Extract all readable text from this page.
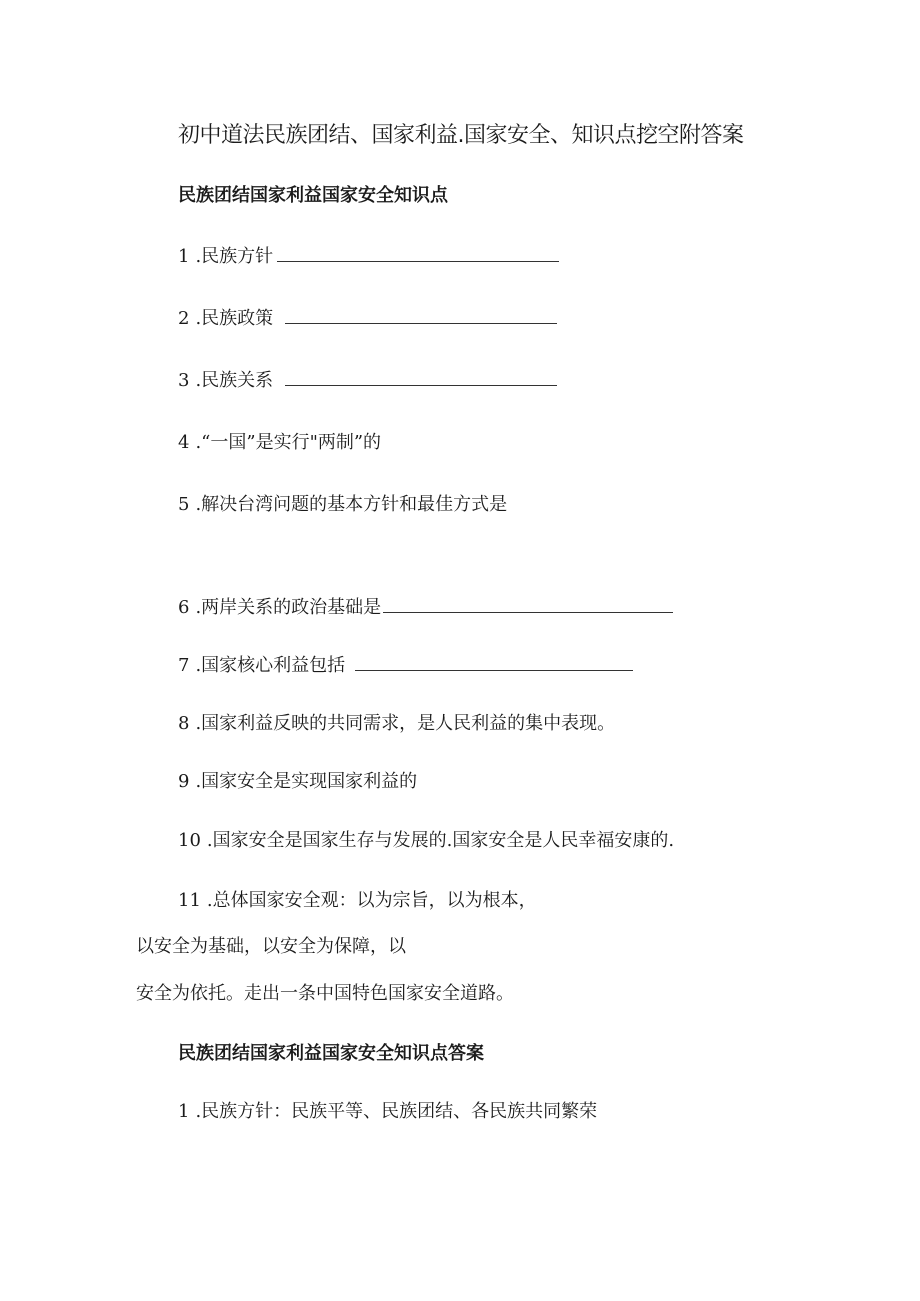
初中道法民族团结、国家利益.国家安全、知识点挖空附答案
民族团结国家利益国家安全知识点
1 .民族方针
2 .民族政策
3 .民族关系
4 .“一国”是实行"两制”的
5 .解决台湾问题的基本方针和最佳方式是
6 .两岸关系的政治基础是
7 .国家核心利益包括
8 .国家利益反映的共同需求，是人民利益的集中表现。
9 .国家安全是实现国家利益的
10 .国家安全是国家生存与发展的.国家安全是人民幸福安康的.
11 .总体国家安全观：以为宗旨，以为根本，
以安全为基础，以安全为保障，以
安全为依托。走出一条中国特色国家安全道路。
民族团结国家利益国家安全知识点答案
1 .民族方针：民族平等、民族团结、各民族共同繁荣
